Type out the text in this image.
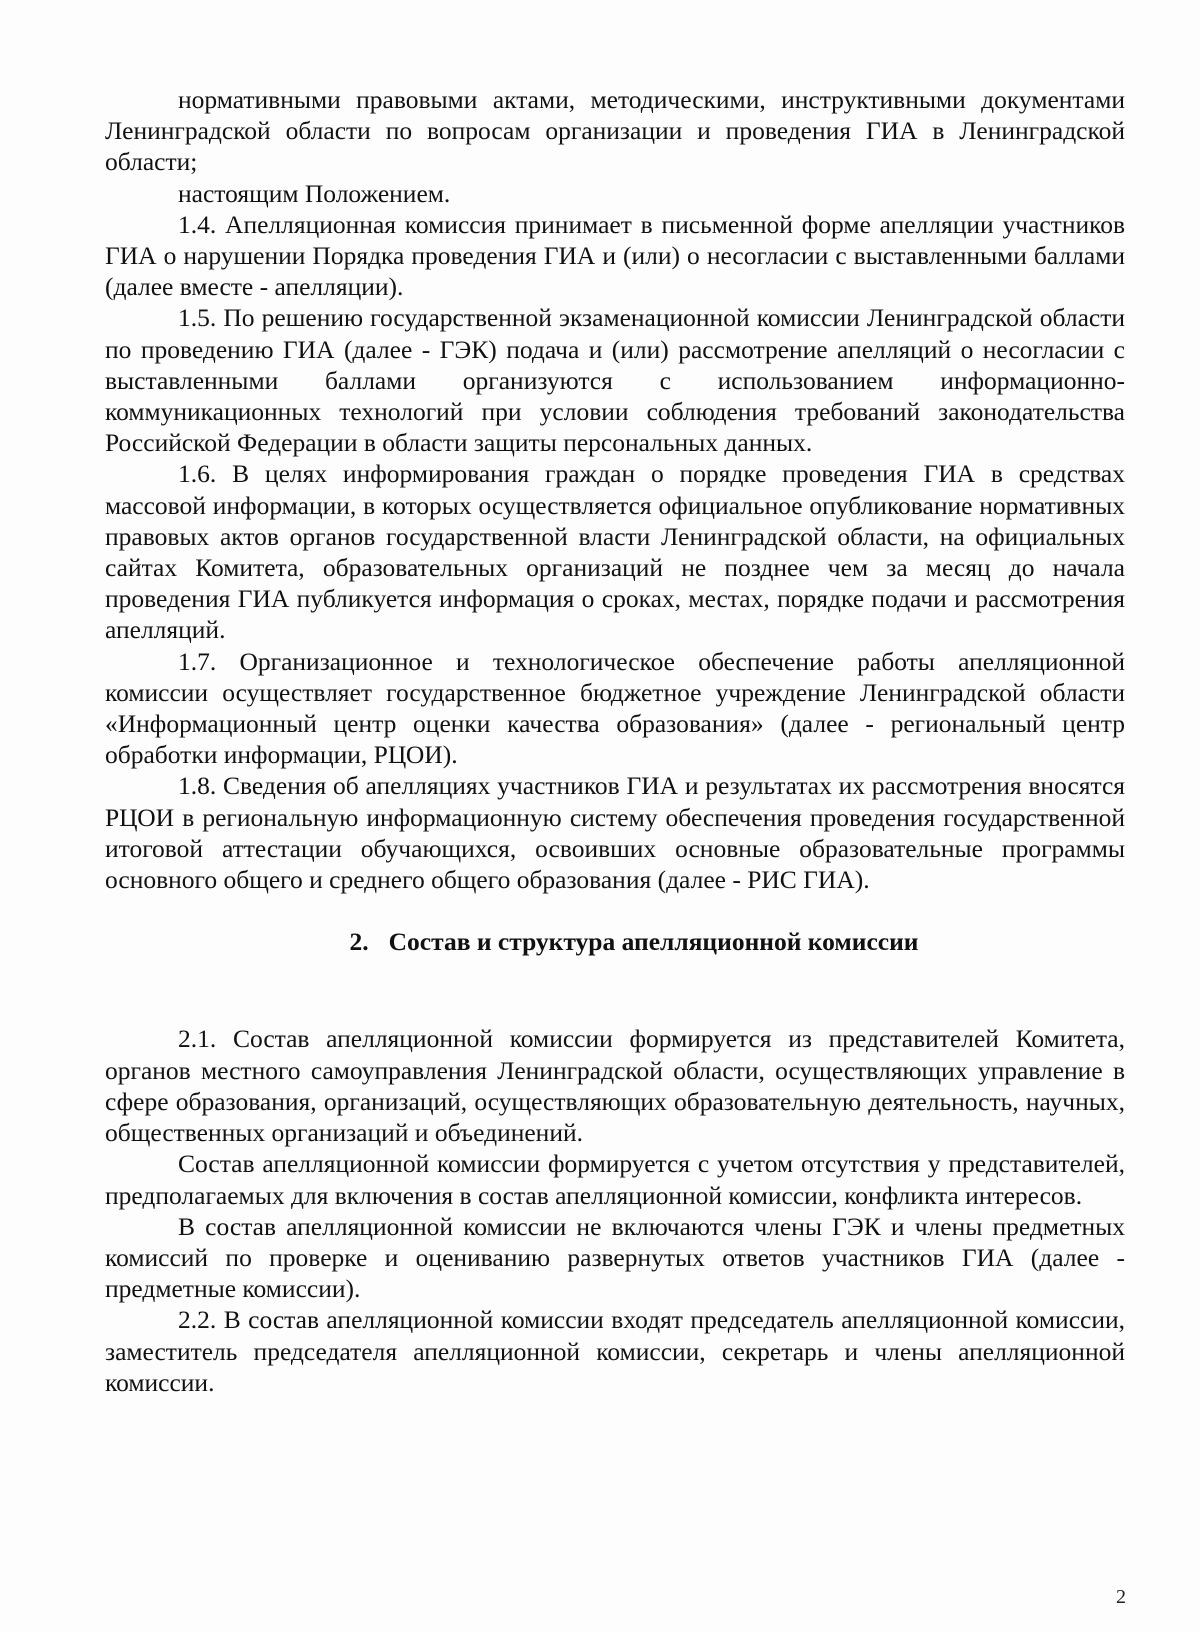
нормативными правовыми актами, методическими, инструктивными документами Ленинградской области по вопросам организации и проведения ГИА в Ленинградской области;

настоящим Положением.

1.4. Апелляционная комиссия принимает в письменной форме апелляции участников ГИА о нарушении Порядка проведения ГИА и (или) о несогласии с выставленными баллами (далее вместе - апелляции).

1.5. По решению государственной экзаменационной комиссии Ленинградской области по проведению ГИА (далее - ГЭК) подача и (или) рассмотрение апелляций о несогласии с выставленными баллами организуются с использованием информационно-коммуникационных технологий при условии соблюдения требований законодательства Российской Федерации в области защиты персональных данных.

1.6. В целях информирования граждан о порядке проведения ГИА в средствах массовой информации, в которых осуществляется официальное опубликование нормативных правовых актов органов государственной власти Ленинградской области, на официальных сайтах Комитета, образовательных организаций не позднее чем за месяц до начала проведения ГИА публикуется информация о сроках, местах, порядке подачи и рассмотрения апелляций.

1.7. Организационное и технологическое обеспечение работы апелляционной комиссии осуществляет государственное бюджетное учреждение Ленинградской области «Информационный центр оценки качества образования» (далее - региональный центр обработки информации, РЦОИ).

1.8. Сведения об апелляциях участников ГИА и результатах их рассмотрения вносятся РЦОИ в региональную информационную систему обеспечения проведения государственной итоговой аттестации обучающихся, освоивших основные образовательные программы основного общего и среднего общего образования (далее - РИС ГИА).

2. Состав и структура апелляционной комиссии

2.1. Состав апелляционной комиссии формируется из представителей Комитета, органов местного самоуправления Ленинградской области, осуществляющих управление в сфере образования, организаций, осуществляющих образовательную деятельность, научных, общественных организаций и объединений.

Состав апелляционной комиссии формируется с учетом отсутствия у представителей, предполагаемых для включения в состав апелляционной комиссии, конфликта интересов.

В состав апелляционной комиссии не включаются члены ГЭК и члены предметных комиссий по проверке и оцениванию развернутых ответов участников ГИА (далее - предметные комиссии).

2.2. В состав апелляционной комиссии входят председатель апелляционной комиссии, заместитель председателя апелляционной комиссии, секретарь и члены апелляционной комиссии.

2
